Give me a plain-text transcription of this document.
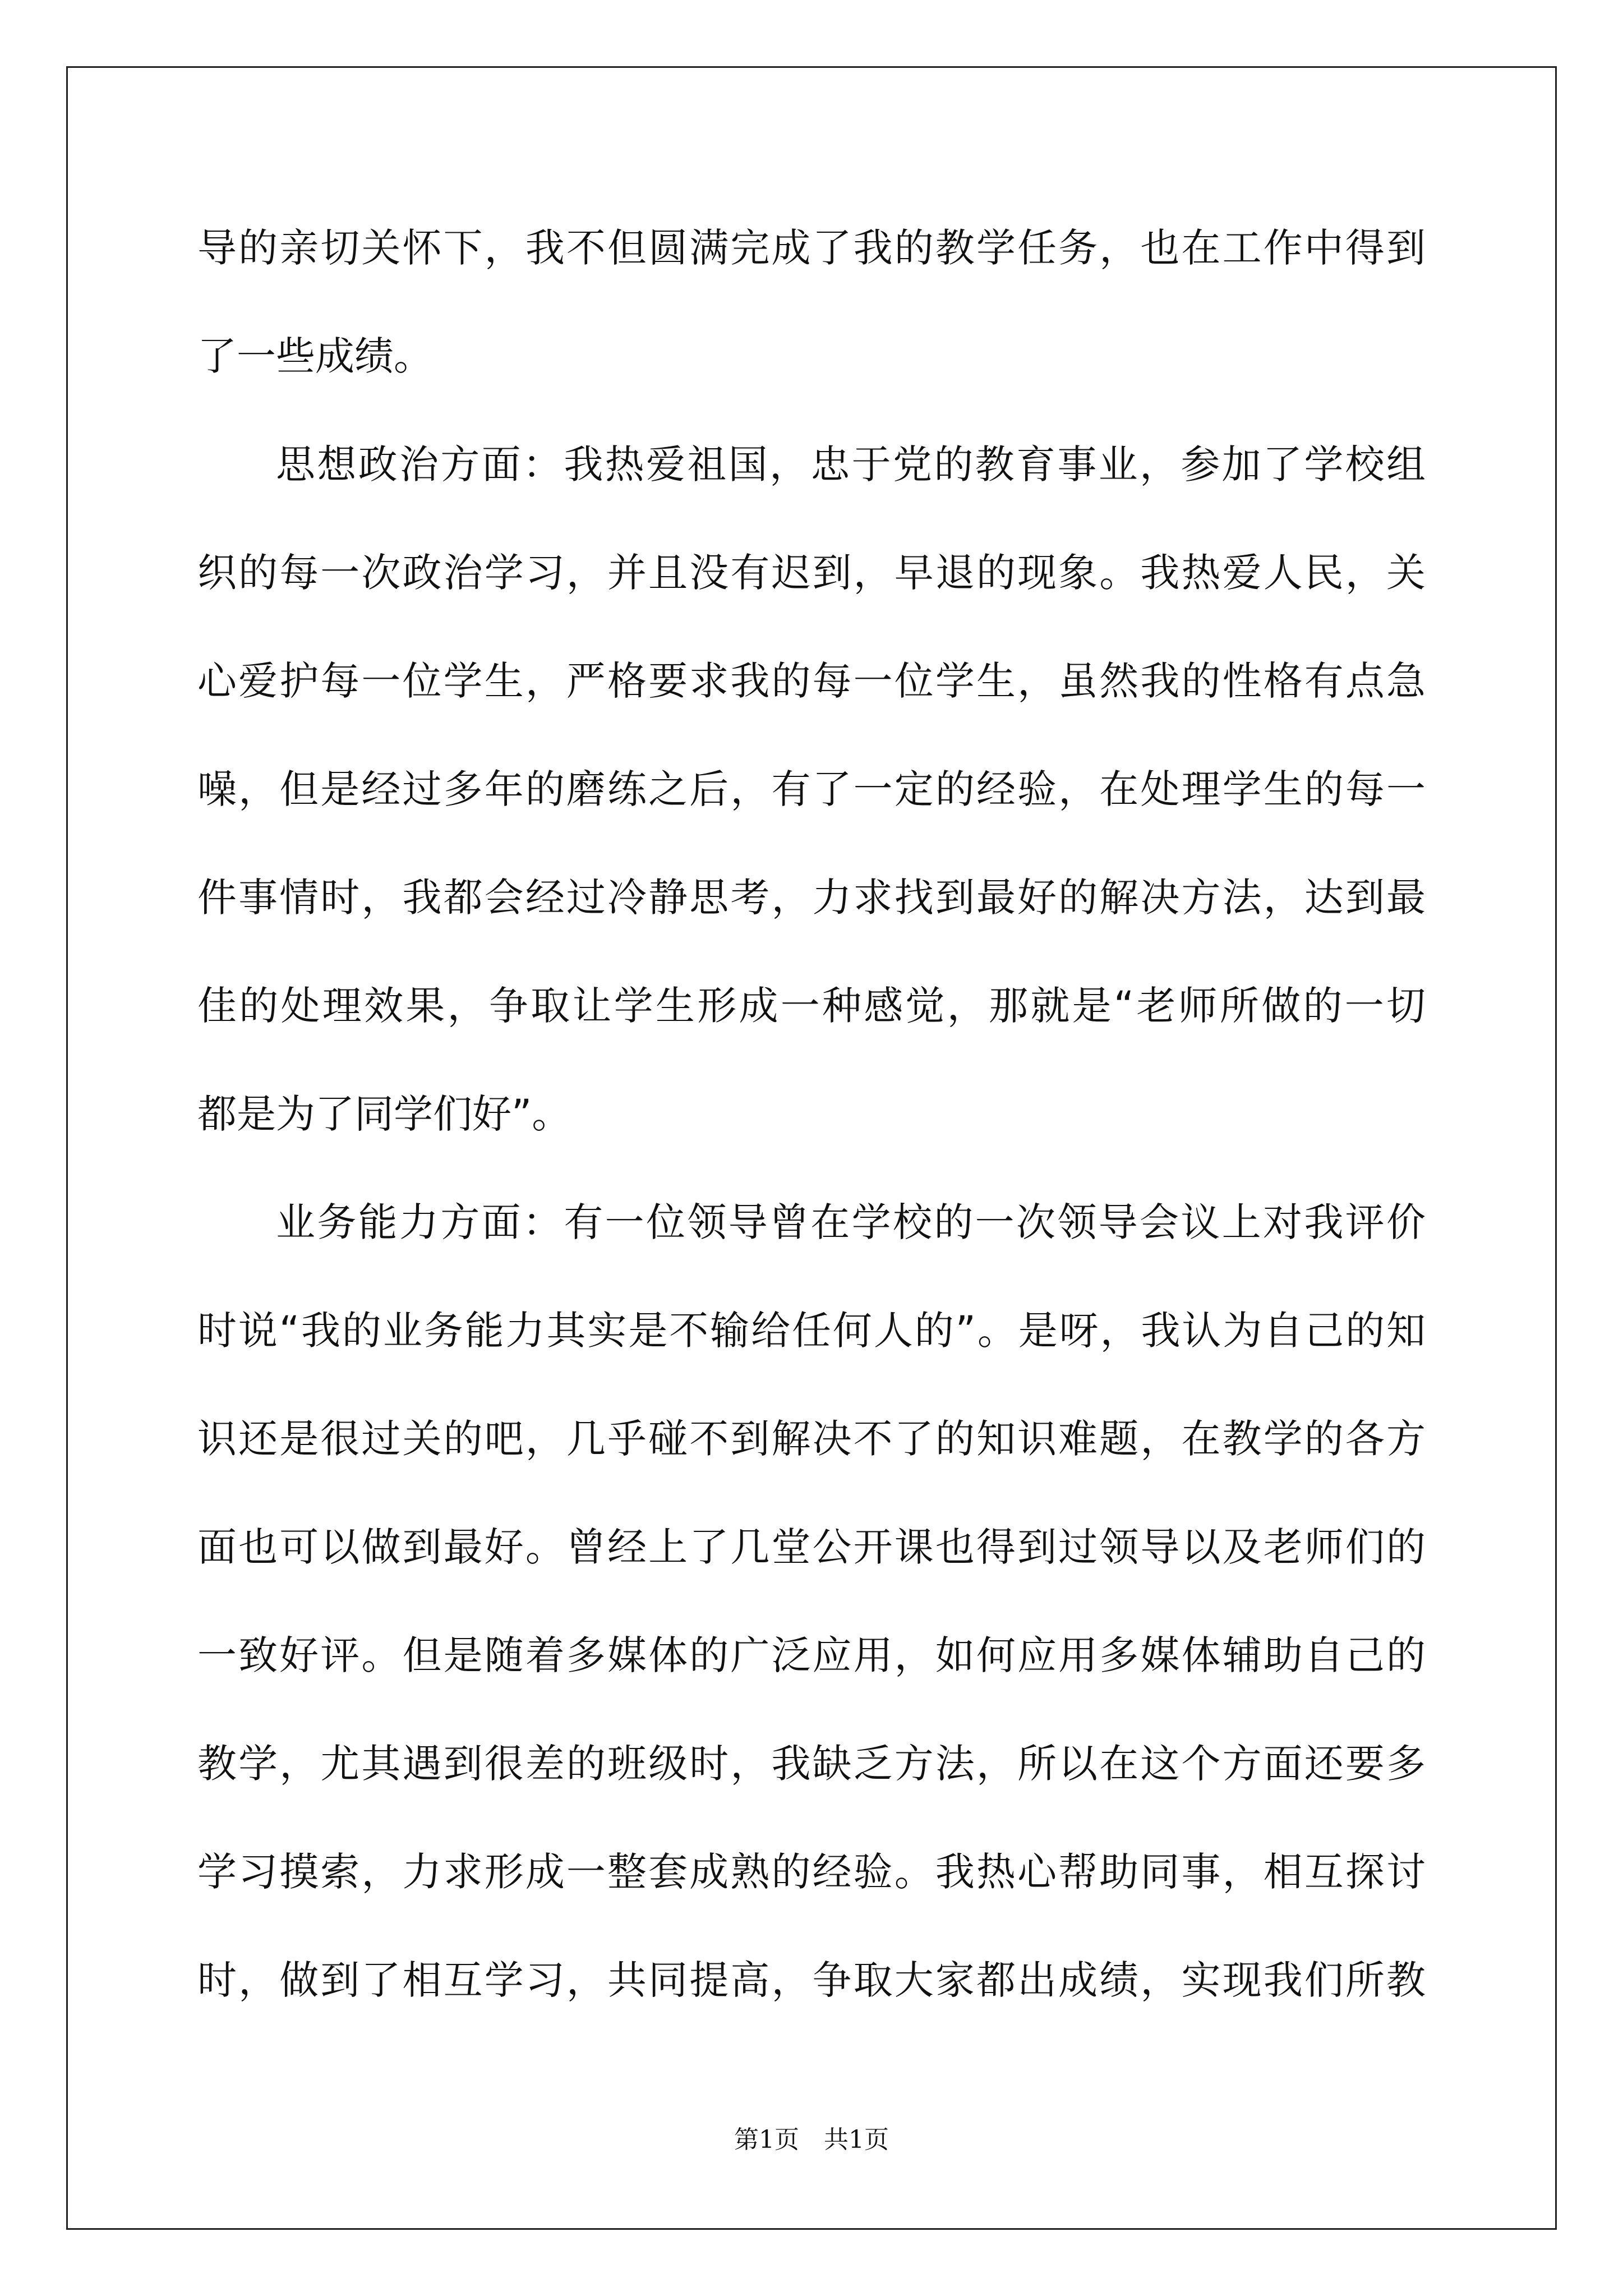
导的亲切关怀下，我不但圆满完成了我的教学任务，也在工作中得到
了一些成绩。
思想政治方面：我热爱祖国，忠于党的教育事业，参加了学校组
织的每一次政治学习，并且没有迟到，早退的现象。我热爱人民，关
心爱护每一位学生，严格要求我的每一位学生，虽然我的性格有点急
噪，但是经过多年的磨练之后，有了一定的经验，在处理学生的每一
件事情时，我都会经过冷静思考，力求找到最好的解决方法，达到最
佳的处理效果，争取让学生形成一种感觉，那就是“老师所做的一切
都是为了同学们好”。
业务能力方面：有一位领导曾在学校的一次领导会议上对我评价
时说“我的业务能力其实是不输给任何人的”。是呀，我认为自己的知
识还是很过关的吧，几乎碰不到解决不了的知识难题，在教学的各方
面也可以做到最好。曾经上了几堂公开课也得到过领导以及老师们的
一致好评。但是随着多媒体的广泛应用，如何应用多媒体辅助自己的
教学，尤其遇到很差的班级时，我缺乏方法，所以在这个方面还要多
学习摸索，力求形成一整套成熟的经验。我热心帮助同事，相互探讨
时，做到了相互学习，共同提高，争取大家都出成绩，实现我们所教
第1页　共1页
